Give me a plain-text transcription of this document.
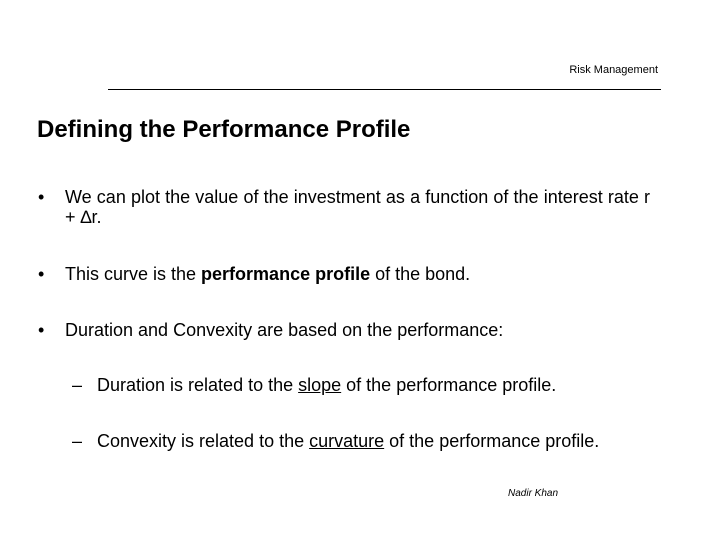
Risk Management
Defining the Performance Profile
• We can plot the value of the investment as a function of the interest rate r + ∆r.
• This curve is the performance profile of the bond.
• Duration and Convexity are based on the performance:
– Duration is related to the slope of the performance profile.
– Convexity is related to the curvature of the performance profile.
Nadir Khan
